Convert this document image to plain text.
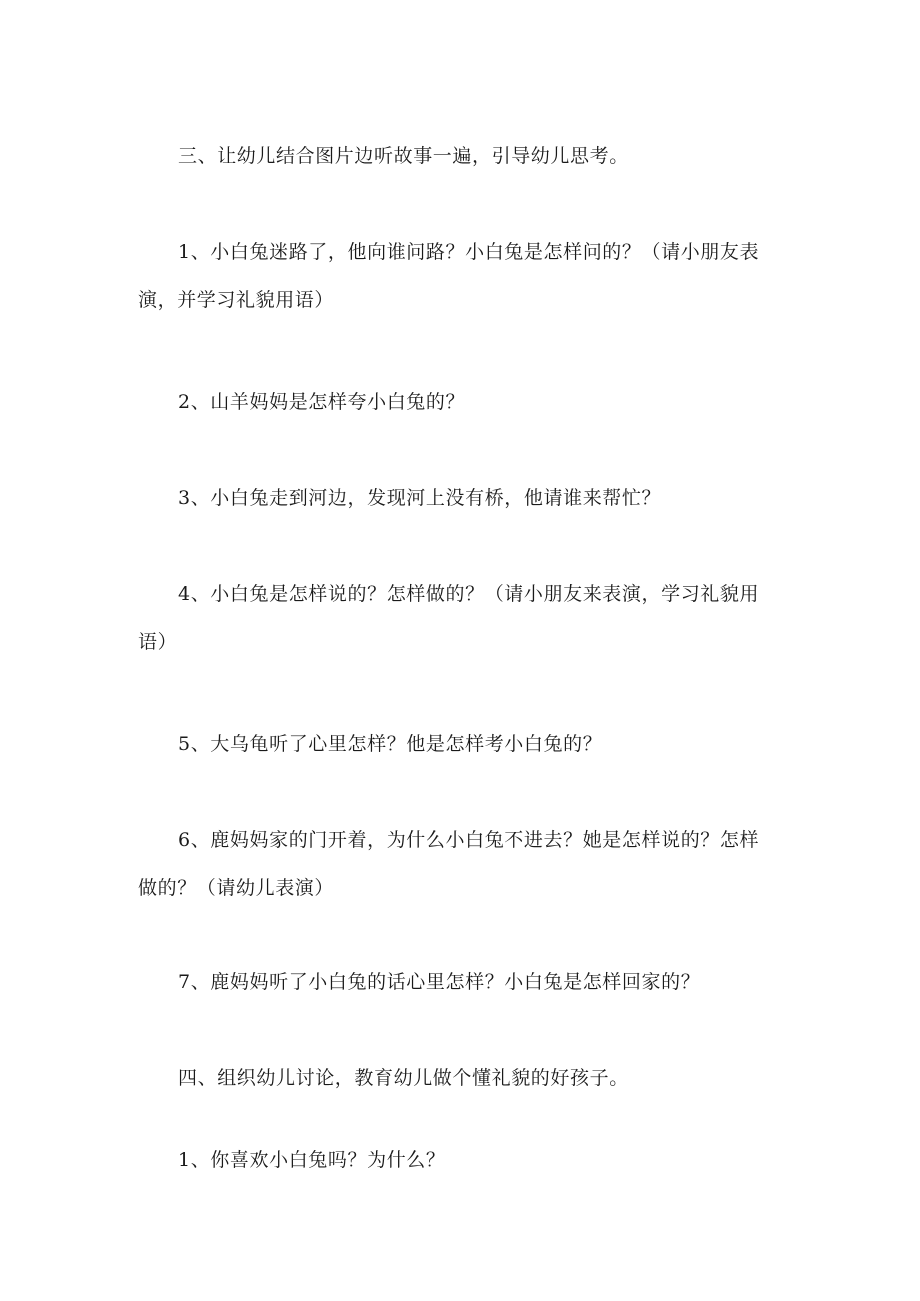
三、让幼儿结合图片边听故事一遍，引导幼儿思考。

1、小白兔迷路了，他向谁问路？小白兔是怎样问的？（请小朋友表
演，并学习礼貌用语）

2、山羊妈妈是怎样夸小白兔的？

3、小白兔走到河边，发现河上没有桥，他请谁来帮忙？

4、小白兔是怎样说的？怎样做的？（请小朋友来表演，学习礼貌用
语）

5、大乌龟听了心里怎样？他是怎样考小白兔的？

6、鹿妈妈家的门开着，为什么小白兔不进去？她是怎样说的？怎样
做的？（请幼儿表演）

7、鹿妈妈听了小白兔的话心里怎样？小白兔是怎样回家的？

四、组织幼儿讨论，教育幼儿做个懂礼貌的好孩子。

1、你喜欢小白兔吗？为什么？
